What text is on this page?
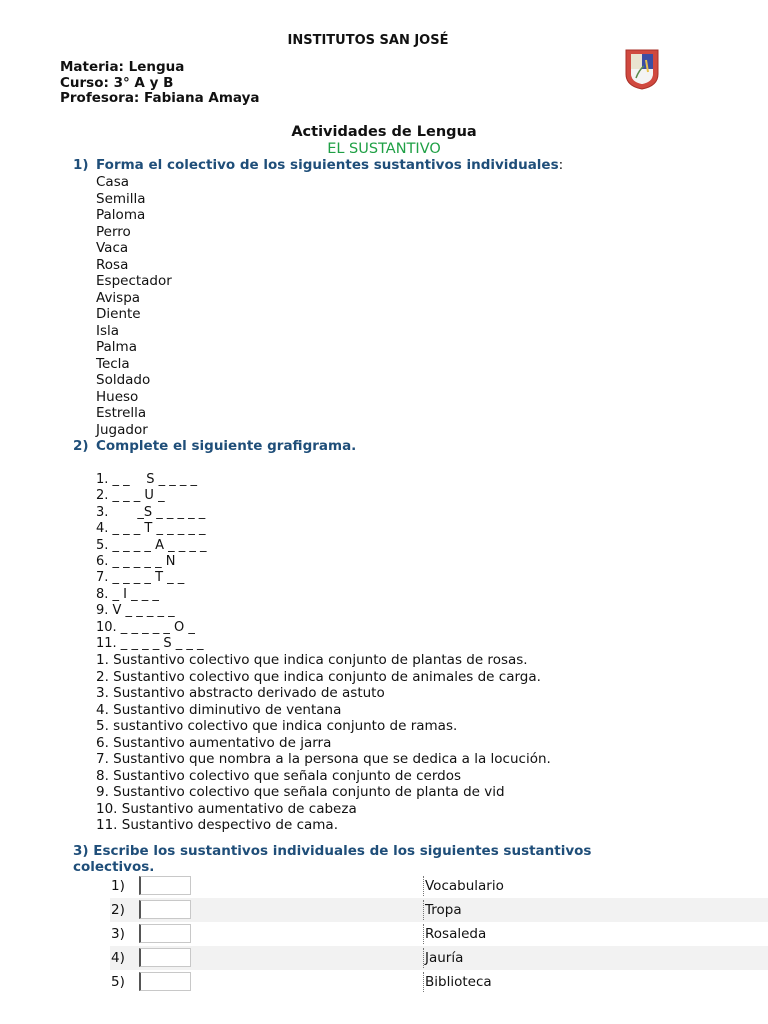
INSTITUTOS SAN JOSÉ
Materia: Lengua
Curso: 3° A y B
Profesora: Fabiana Amaya
Actividades de Lengua
EL SUSTANTIVO
1) Forma el colectivo de los siguientes sustantivos individuales:
Casa
Semilla
Paloma
Perro
Vaca
Rosa
Espectador
Avispa
Diente
Isla
Palma
Tecla
Soldado
Hueso
Estrella
Jugador
2) Complete el siguiente grafigrama.
1. _ _    S _ _ _ _
2. _ _ _ U _
3.       _S _ _ _ _ _
4. _ _ _ T _ _ _ _ _
5. _ _ _ _ A _ _ _ _
6. _ _ _ _ _ N
7. _ _ _ _ T _ _
8. _ I _ _ _
9. V _ _ _ _ _
10. _ _ _ _ _ O _
11. _ _ _ _ S _ _ _
1. Sustantivo colectivo que indica conjunto de plantas de rosas.
2. Sustantivo colectivo que indica conjunto de animales de carga.
3. Sustantivo abstracto derivado de astuto
4. Sustantivo diminutivo de ventana
5. sustantivo colectivo que indica conjunto de ramas.
6. Sustantivo aumentativo de jarra
7. Sustantivo que nombra a la persona que se dedica a la locución.
8. Sustantivo colectivo que señala conjunto de cerdos
9. Sustantivo colectivo que señala conjunto de planta de vid
10. Sustantivo aumentativo de cabeza
11. Sustantivo despectivo de cama.
3) Escribe los sustantivos individuales de los siguientes sustantivos
colectivos.
1)	Vocabulario
2)	Tropa
3)	Rosaleda
4)	Jauría
5)	Biblioteca
